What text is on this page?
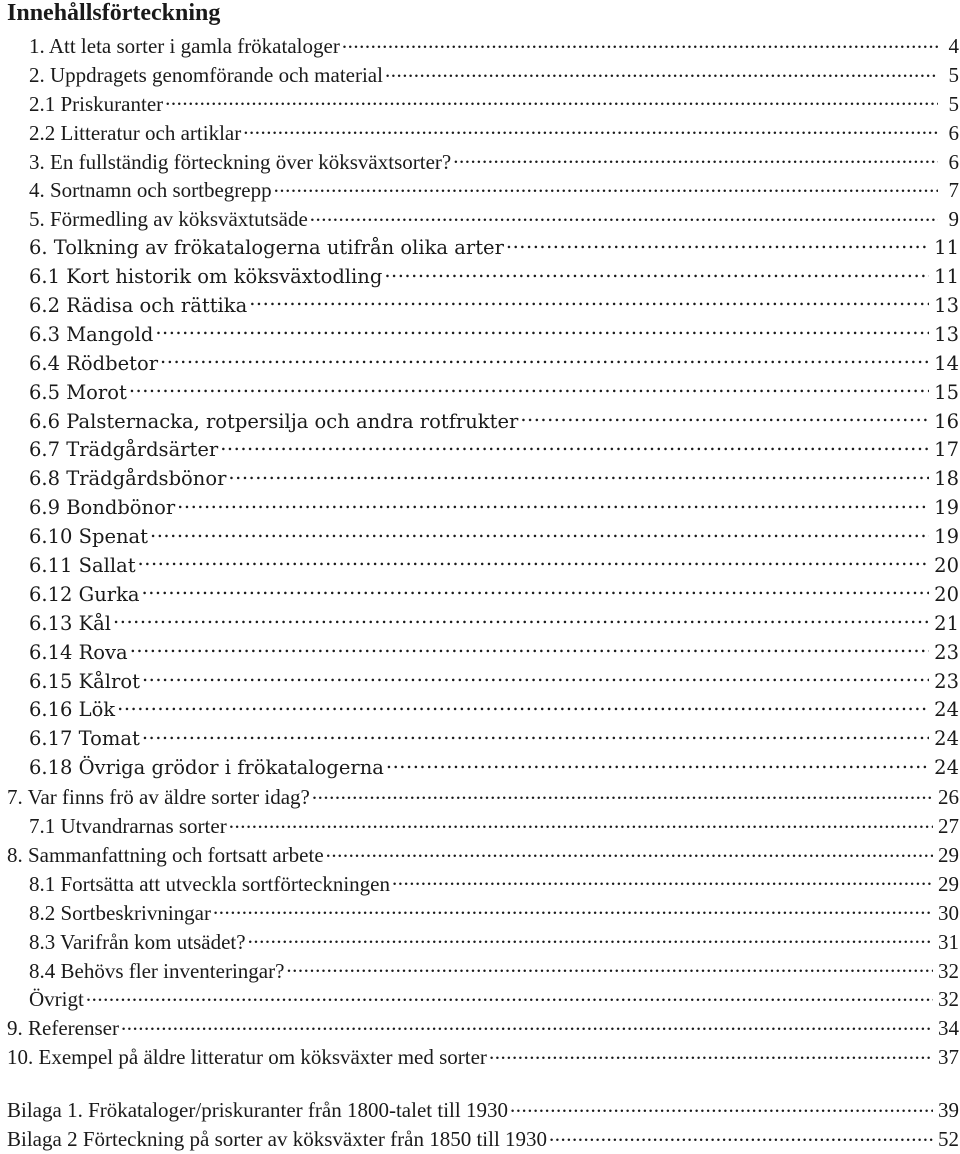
Innehållsförteckning
1. Att leta sorter i gamla frökataloger .....	4
2. Uppdragets genomförande och material .....	5
2.1 Priskuranter .....	5
2.2 Litteratur och artiklar .....	6
3. En fullständig förteckning över köksväxtsorter? .....	6
4. Sortnamn och sortbegrepp .....	7
5. Förmedling av köksväxtutsäde .....	9
6. Tolkning av frökatalogerna utifrån olika arter .....	11
6.1 Kort historik om köksväxtodling .....	11
6.2 Rädisa och rättika .....	13
6.3 Mangold .....	13
6.4 Rödbetor .....	14
6.5 Morot .....	15
6.6 Palsternacka, rotpersilja och andra rotfrukter .....	16
6.7 Trädgårdsärter .....	17
6.8 Trädgårdsbönor .....	18
6.9 Bondbönor .....	19
6.10 Spenat .....	19
6.11 Sallat .....	20
6.12 Gurka .....	20
6.13 Kål .....	21
6.14 Rova .....	23
6.15 Kålrot .....	23
6.16 Lök .....	24
6.17 Tomat .....	24
6.18 Övriga grödor i frökatalogerna .....	24
7. Var finns frö av äldre sorter idag? .....	26
7.1 Utvandrarnas sorter .....	27
8. Sammanfattning och fortsatt arbete .....	29
8.1 Fortsätta att utveckla sortförteckningen .....	29
8.2 Sortbeskrivningar .....	30
8.3 Varifrån kom utsädet? .....	31
8.4 Behövs fler inventeringar? .....	32
Övrigt .....	32
9. Referenser .....	34
10. Exempel på äldre litteratur om köksväxter med sorter .....	37
Bilaga 1. Frökataloger/priskuranter från 1800-talet till 1930 .....	39
Bilaga 2 Förteckning på sorter av köksväxter från 1850 till 1930 .....	52
